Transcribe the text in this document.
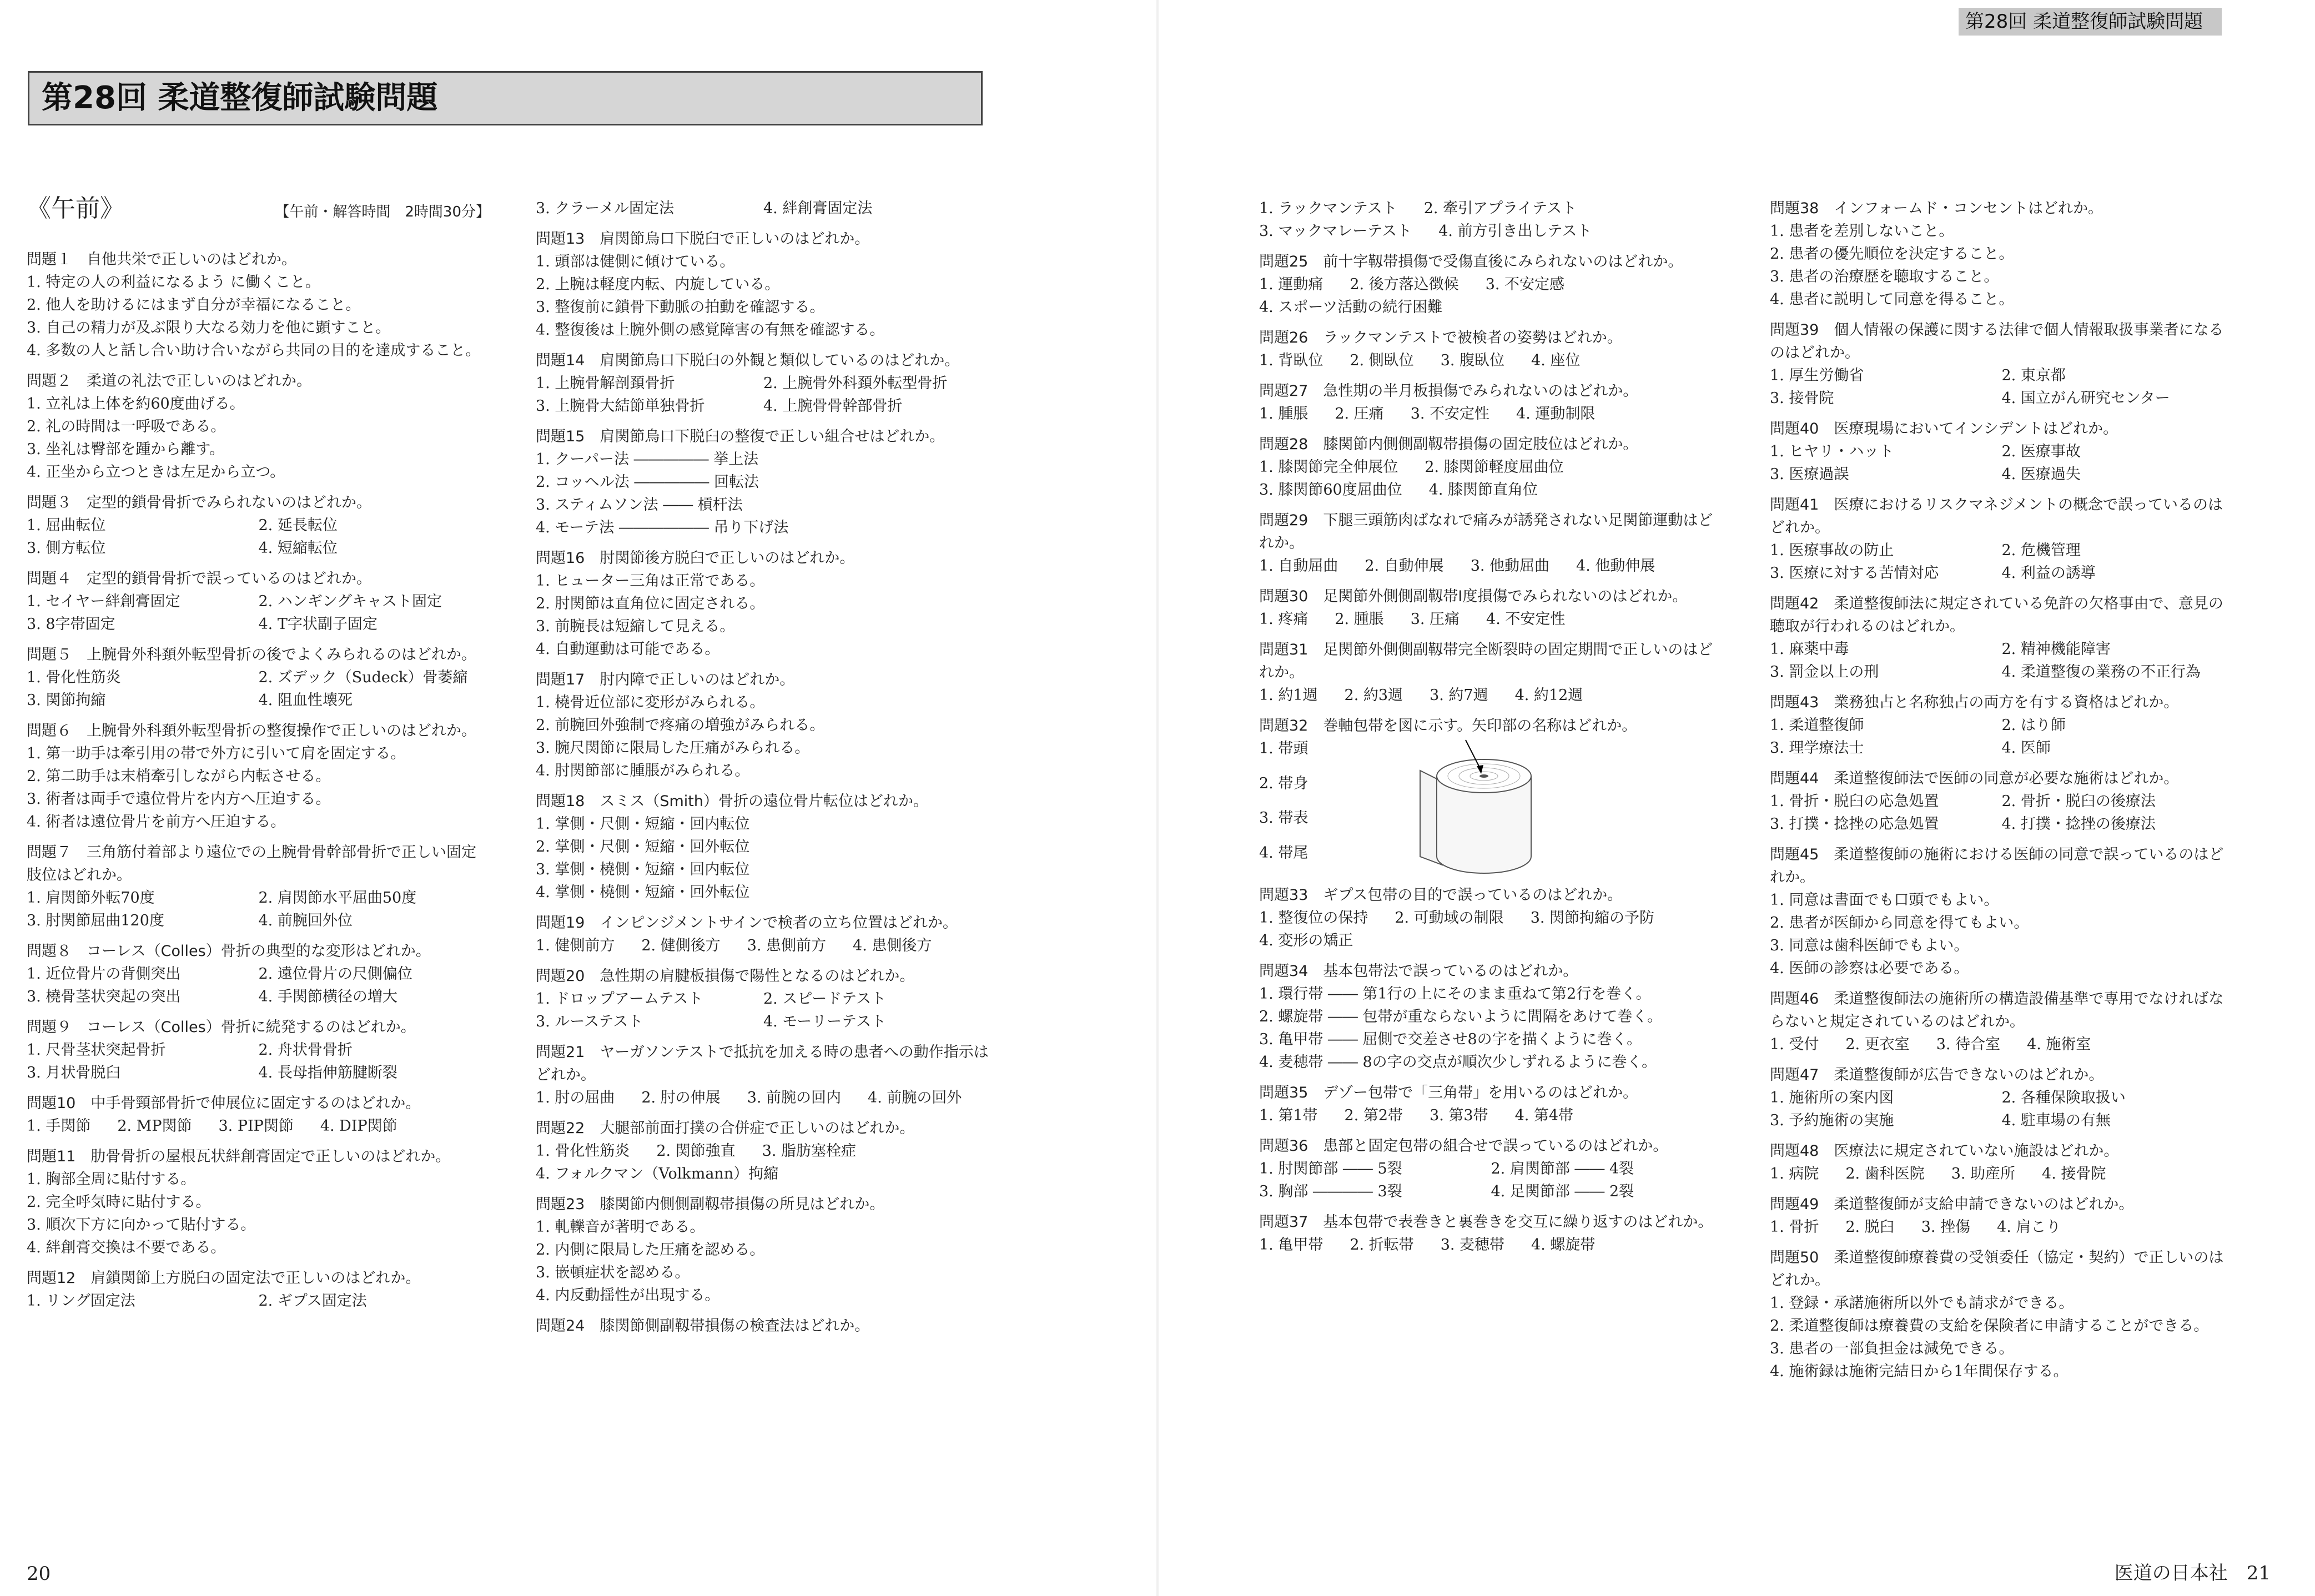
第28回 柔道整復師試験問題
第28回 柔道整復師試験問題
《午前》	【午前・解答時間　2時間30分】
問題１　自他共栄で正しいのはどれか。
1. 特定の人の利益になるよう に働くこと。
2. 他人を助けるにはまず自分が幸福になること。
3. 自己の精力が及ぶ限り大なる効力を他に顕すこと。
4. 多数の人と話し合い助け合いながら共同の目的を達成すること。
問題２　柔道の礼法で正しいのはどれか。
1. 立礼は上体を約60度曲げる。
2. 礼の時間は一呼吸である。
3. 坐礼は臀部を踵から離す。
4. 正坐から立つときは左足から立つ。
問題３　定型的鎖骨骨折でみられないのはどれか。
1. 屈曲転位	2. 延長転位
3. 側方転位	4. 短縮転位
問題４　定型的鎖骨骨折で誤っているのはどれか。
1. セイヤー絆創膏固定	2. ハンギングキャスト固定
3. 8字帯固定	4. T字状副子固定
問題５　上腕骨外科頚外転型骨折の後でよくみられるのはどれか。
1. 骨化性筋炎	2. ズデック（Sudeck）骨萎縮
3. 関節拘縮	4. 阻血性壊死
問題６　上腕骨外科頚外転型骨折の整復操作で正しいのはどれか。
1. 第一助手は牽引用の帯で外方に引いて肩を固定する。
2. 第二助手は末梢牽引しながら内転させる。
3. 術者は両手で遠位骨片を内方へ圧迫する。
4. 術者は遠位骨片を前方へ圧迫する。
問題７　三角筋付着部より遠位での上腕骨骨幹部骨折で正しい固定肢位はどれか。
1. 肩関節外転70度	2. 肩関節水平屈曲50度
3. 肘関節屈曲120度	4. 前腕回外位
問題８　コーレス（Colles）骨折の典型的な変形はどれか。
1. 近位骨片の背側突出	2. 遠位骨片の尺側偏位
3. 橈骨茎状突起の突出	4. 手関節横径の増大
問題９　コーレス（Colles）骨折に続発するのはどれか。
1. 尺骨茎状突起骨折	2. 舟状骨骨折
3. 月状骨脱臼	4. 長母指伸筋腱断裂
問題10　中手骨頸部骨折で伸展位に固定するのはどれか。
1. 手関節 2. MP関節 3. PIP関節 4. DIP関節
問題11　肋骨骨折の屋根瓦状絆創膏固定で正しいのはどれか。
1. 胸部全周に貼付する。
2. 完全呼気時に貼付する。
3. 順次下方に向かって貼付する。
4. 絆創膏交換は不要である。
問題12　肩鎖関節上方脱臼の固定法で正しいのはどれか。
1. リング固定法	2. ギプス固定法
3. クラーメル固定法	4. 絆創膏固定法
問題13　肩関節烏口下脱臼で正しいのはどれか。
1. 頭部は健側に傾けている。
2. 上腕は軽度内転、内旋している。
3. 整復前に鎖骨下動脈の拍動を確認する。
4. 整復後は上腕外側の感覚障害の有無を確認する。
問題14　肩関節烏口下脱臼の外観と類似しているのはどれか。
1. 上腕骨解剖頚骨折	2. 上腕骨外科頚外転型骨折
3. 上腕骨大結節単独骨折	4. 上腕骨骨幹部骨折
問題15　肩関節烏口下脱臼の整復で正しい組合せはどれか。
1. クーパー法 ――――― 挙上法
2. コッヘル法 ――――― 回転法
3. スティムソン法 ―― 槓杆法
4. モーテ法 ―――――― 吊り下げ法
問題16　肘関節後方脱臼で正しいのはどれか。
1. ヒューター三角は正常である。
2. 肘関節は直角位に固定される。
3. 前腕長は短縮して見える。
4. 自動運動は可能である。
問題17　肘内障で正しいのはどれか。
1. 橈骨近位部に変形がみられる。
2. 前腕回外強制で疼痛の増強がみられる。
3. 腕尺関節に限局した圧痛がみられる。
4. 肘関節部に腫脹がみられる。
問題18　スミス（Smith）骨折の遠位骨片転位はどれか。
1. 掌側・尺側・短縮・回内転位
2. 掌側・尺側・短縮・回外転位
3. 掌側・橈側・短縮・回内転位
4. 掌側・橈側・短縮・回外転位
問題19　インピンジメントサインで検者の立ち位置はどれか。
1. 健側前方 2. 健側後方 3. 患側前方 4. 患側後方
問題20　急性期の肩腱板損傷で陽性となるのはどれか。
1. ドロップアームテスト	2. スピードテスト
3. ルーステスト	4. モーリーテスト
問題21　ヤーガソンテストで抵抗を加える時の患者への動作指示はどれか。
1. 肘の屈曲 2. 肘の伸展 3. 前腕の回内 4. 前腕の回外
問題22　大腿部前面打撲の合併症で正しいのはどれか。
1. 骨化性筋炎 2. 関節強直 3. 脂肪塞栓症
4. フォルクマン（Volkmann）拘縮
問題23　膝関節内側側副靱帯損傷の所見はどれか。
1. 軋轢音が著明である。
2. 内側に限局した圧痛を認める。
3. 嵌頓症状を認める。
4. 内反動揺性が出現する。
問題24　膝関節側副靱帯損傷の検査法はどれか。
1. ラックマンテスト 2. 牽引アプライテスト
3. マックマレーテスト 4. 前方引き出しテスト
問題25　前十字靱帯損傷で受傷直後にみられないのはどれか。
1. 運動痛 2. 後方落込徴候 3. 不安定感
4. スポーツ活動の続行困難
問題26　ラックマンテストで被検者の姿勢はどれか。
1. 背臥位 2. 側臥位 3. 腹臥位 4. 座位
問題27　急性期の半月板損傷でみられないのはどれか。
1. 腫脹 2. 圧痛 3. 不安定性 4. 運動制限
問題28　膝関節内側側副靱帯損傷の固定肢位はどれか。
1. 膝関節完全伸展位 2. 膝関節軽度屈曲位
3. 膝関節60度屈曲位 4. 膝関節直角位
問題29　下腿三頭筋肉ばなれで痛みが誘発されない足関節運動はどれか。
1. 自動屈曲 2. 自動伸展 3. 他動屈曲 4. 他動伸展
問題30　足関節外側側副靱帯Ⅰ度損傷でみられないのはどれか。
1. 疼痛 2. 腫脹 3. 圧痛 4. 不安定性
問題31　足関節外側側副靱帯完全断裂時の固定期間で正しいのはどれか。
1. 約1週 2. 約3週 3. 約7週 4. 約12週
問題32　巻軸包帯を図に示す。矢印部の名称はどれか。
1. 帯頭
2. 帯身
3. 帯表
4. 帯尾
問題33　ギプス包帯の目的で誤っているのはどれか。
1. 整復位の保持 2. 可動域の制限 3. 関節拘縮の予防
4. 変形の矯正
問題34　基本包帯法で誤っているのはどれか。
1. 環行帯 ―― 第1行の上にそのまま重ねて第2行を巻く。
2. 螺旋帯 ―― 包帯が重ならないように間隔をあけて巻く。
3. 亀甲帯 ―― 屈側で交差させ8の字を描くように巻く。
4. 麦穂帯 ―― 8の字の交点が順次少しずれるように巻く。
問題35　デゾー包帯で「三角帯」を用いるのはどれか。
1. 第1帯 2. 第2帯 3. 第3帯 4. 第4帯
問題36　患部と固定包帯の組合せで誤っているのはどれか。
1. 肘関節部 ―― 5裂	2. 肩関節部 ―― 4裂
3. 胸部 ―――― 3裂	4. 足関節部 ―― 2裂
問題37　基本包帯で表巻きと裏巻きを交互に繰り返すのはどれか。
1. 亀甲帯 2. 折転帯 3. 麦穂帯 4. 螺旋帯
問題38　インフォームド・コンセントはどれか。
1. 患者を差別しないこと。
2. 患者の優先順位を決定すること。
3. 患者の治療歴を聴取すること。
4. 患者に説明して同意を得ること。
問題39　個人情報の保護に関する法律で個人情報取扱事業者になるのはどれか。
1. 厚生労働省	2. 東京都
3. 接骨院	4. 国立がん研究センター
問題40　医療現場においてインシデントはどれか。
1. ヒヤリ・ハット	2. 医療事故
3. 医療過誤	4. 医療過失
問題41　医療におけるリスクマネジメントの概念で誤っているのはどれか。
1. 医療事故の防止	2. 危機管理
3. 医療に対する苦情対応	4. 利益の誘導
問題42　柔道整復師法に規定されている免許の欠格事由で、意見の聴取が行われるのはどれか。
1. 麻薬中毒	2. 精神機能障害
3. 罰金以上の刑	4. 柔道整復の業務の不正行為
問題43　業務独占と名称独占の両方を有する資格はどれか。
1. 柔道整復師	2. はり師
3. 理学療法士	4. 医師
問題44　柔道整復師法で医師の同意が必要な施術はどれか。
1. 骨折・脱臼の応急処置	2. 骨折・脱臼の後療法
3. 打撲・捻挫の応急処置	4. 打撲・捻挫の後療法
問題45　柔道整復師の施術における医師の同意で誤っているのはどれか。
1. 同意は書面でも口頭でもよい。
2. 患者が医師から同意を得てもよい。
3. 同意は歯科医師でもよい。
4. 医師の診察は必要である。
問題46　柔道整復師法の施術所の構造設備基準で専用でなければならないと規定されているのはどれか。
1. 受付 2. 更衣室 3. 待合室 4. 施術室
問題47　柔道整復師が広告できないのはどれか。
1. 施術所の案内図	2. 各種保険取扱い
3. 予約施術の実施	4. 駐車場の有無
問題48　医療法に規定されていない施設はどれか。
1. 病院 2. 歯科医院 3. 助産所 4. 接骨院
問題49　柔道整復師が支給申請できないのはどれか。
1. 骨折 2. 脱臼 3. 挫傷 4. 肩こり
問題50　柔道整復師療養費の受領委任（協定・契約）で正しいのはどれか。
1. 登録・承諾施術所以外でも請求ができる。
2. 柔道整復師は療養費の支給を保険者に申請することができる。
3. 患者の一部負担金は減免できる。
4. 施術録は施術完結日から1年間保存する。
20	医道の日本社　21
